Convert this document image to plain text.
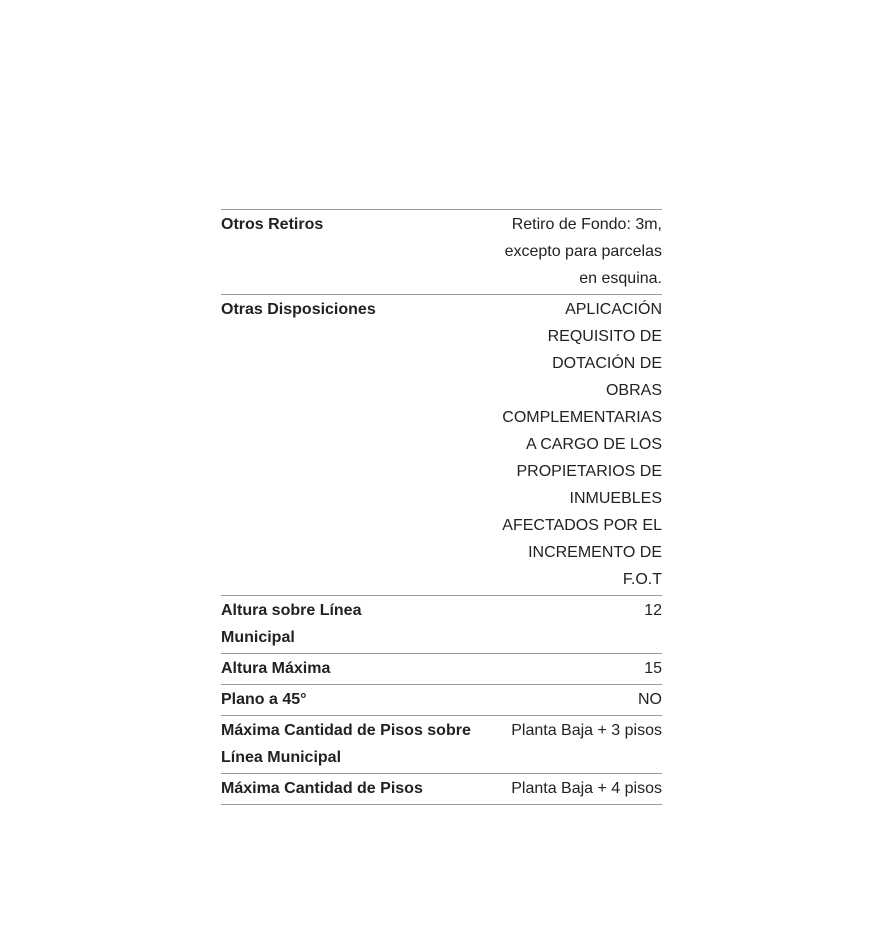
Otros Retiros	Retiro de Fondo: 3m, excepto para parcelas en esquina.
Otras Disposiciones	APLICACIÓN REQUISITO DE DOTACIÓN DE OBRAS COMPLEMENTARIAS A CARGO DE LOS PROPIETARIOS DE INMUEBLES AFECTADOS POR EL INCREMENTO DE F.O.T
Altura sobre Línea Municipal	12
Altura Máxima	15
Plano a 45°	NO
Máxima Cantidad de Pisos sobre Línea Municipal	Planta Baja + 3 pisos
Máxima Cantidad de Pisos	Planta Baja + 4 pisos
